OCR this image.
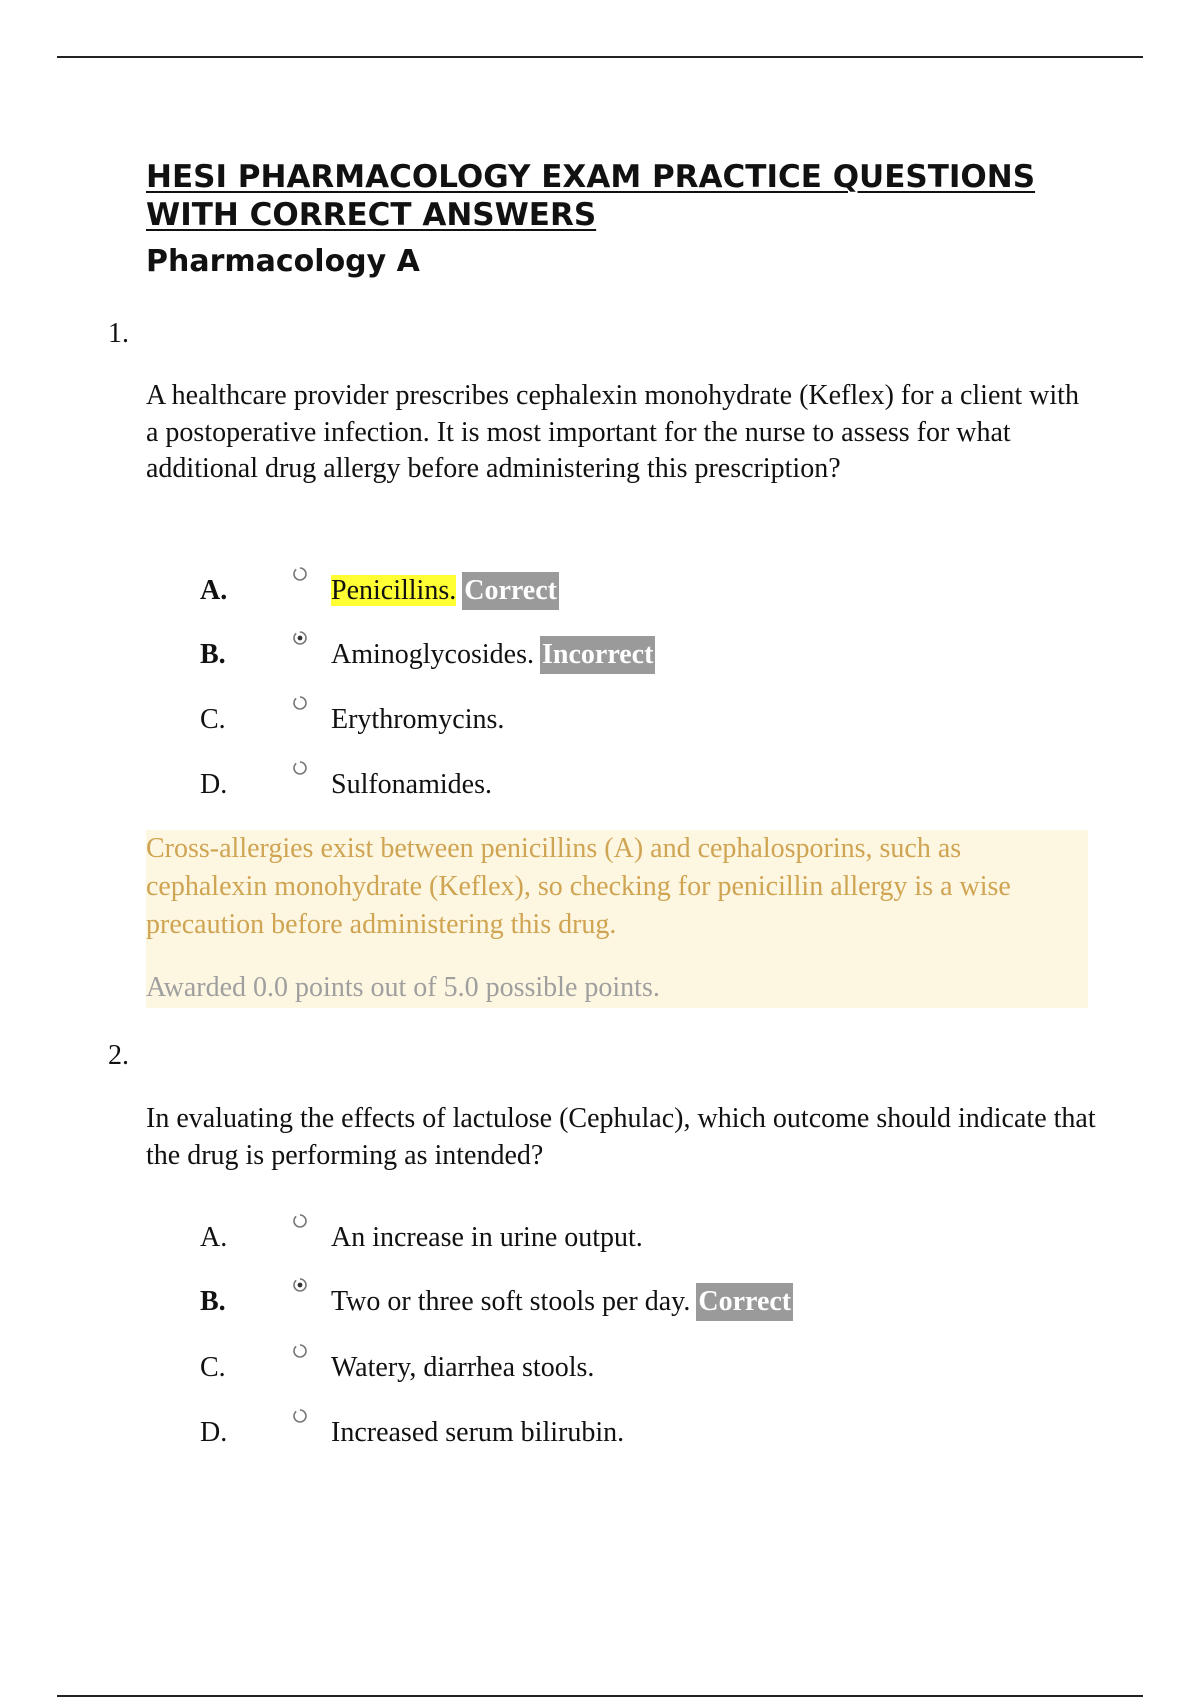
HESI PHARMACOLOGY EXAM PRACTICE QUESTIONS WITH CORRECT ANSWERS
Pharmacology A
1.

A healthcare provider prescribes cephalexin monohydrate (Keflex) for a client with a postoperative infection. It is most important for the nurse to assess for what additional drug allergy before administering this prescription?

A.	Penicillins. Correct
B.	Aminoglycosides. Incorrect
C.	Erythromycins.
D.	Sulfonamides.

Cross-allergies exist between penicillins (A) and cephalosporins, such as cephalexin monohydrate (Keflex), so checking for penicillin allergy is a wise precaution before administering this drug.

Awarded 0.0 points out of 5.0 possible points.

2.

In evaluating the effects of lactulose (Cephulac), which outcome should indicate that the drug is performing as intended?

A.	An increase in urine output.
B.	Two or three soft stools per day. Correct
C.	Watery, diarrhea stools.
D.	Increased serum bilirubin.
